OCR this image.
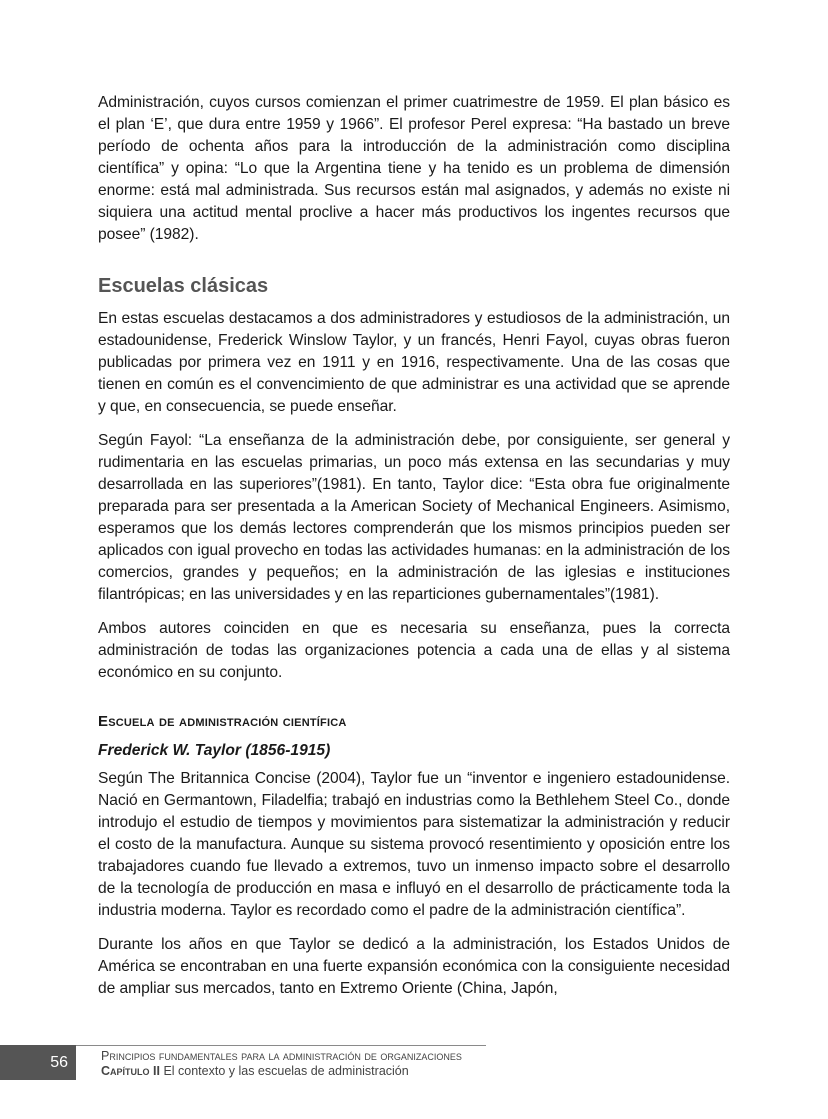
Administración, cuyos cursos comienzan el primer cuatrimestre de 1959. El plan básico es el plan ‘E’, que dura entre 1959 y 1966”. El profesor Perel expresa: “Ha bastado un breve período de ochenta años para la introducción de la administración como disciplina científica” y opina: “Lo que la Argentina tiene y ha tenido es un problema de dimensión enorme: está mal administrada. Sus recursos están mal asignados, y además no existe ni siquiera una actitud mental proclive a hacer más productivos los ingentes recursos que posee” (1982).

Escuelas clásicas

En estas escuelas destacamos a dos administradores y estudiosos de la administración, un estadounidense, Frederick Winslow Taylor, y un francés, Henri Fayol, cuyas obras fueron publicadas por primera vez en 1911 y en 1916, respectivamente. Una de las cosas que tienen en común es el convencimiento de que administrar es una actividad que se aprende y que, en consecuencia, se puede enseñar.

Según Fayol: “La enseñanza de la administración debe, por consiguiente, ser general y rudimentaria en las escuelas primarias, un poco más extensa en las secundarias y muy desarrollada en las superiores”(1981). En tanto, Taylor dice: “Esta obra fue originalmente preparada para ser presentada a la American Society of Mechanical Engineers. Asimismo, esperamos que los demás lectores comprenderán que los mismos principios pueden ser aplicados con igual provecho en todas las actividades humanas: en la administración de los comercios, grandes y pequeños; en la administración de las iglesias e instituciones filantrópicas; en las universidades y en las reparticiones gubernamentales”(1981).

Ambos autores coinciden en que es necesaria su enseñanza, pues la correcta administración de todas las organizaciones potencia a cada una de ellas y al sistema económico en su conjunto.

Escuela de administración científica
Frederick W. Taylor (1856-1915)

Según The Britannica Concise (2004), Taylor fue un “inventor e ingeniero estadounidense. Nació en Germantown, Filadelfia; trabajó en industrias como la Bethlehem Steel Co., donde introdujo el estudio de tiempos y movimientos para sistematizar la administración y reducir el costo de la manufactura. Aunque su sistema provocó resentimiento y oposición entre los trabajadores cuando fue llevado a extremos, tuvo un inmenso impacto sobre el desarrollo de la tecnología de producción en masa e influyó en el desarrollo de prácticamente toda la industria moderna. Taylor es recordado como el padre de la administración científica”.

Durante los años en que Taylor se dedicó a la administración, los Estados Unidos de América se encontraban en una fuerte expansión económica con la consiguiente necesidad de ampliar sus mercados, tanto en Extremo Oriente (China, Japón,

56	Principios fundamentales para la administración de organizaciones
Capítulo II El contexto y las escuelas de administración
